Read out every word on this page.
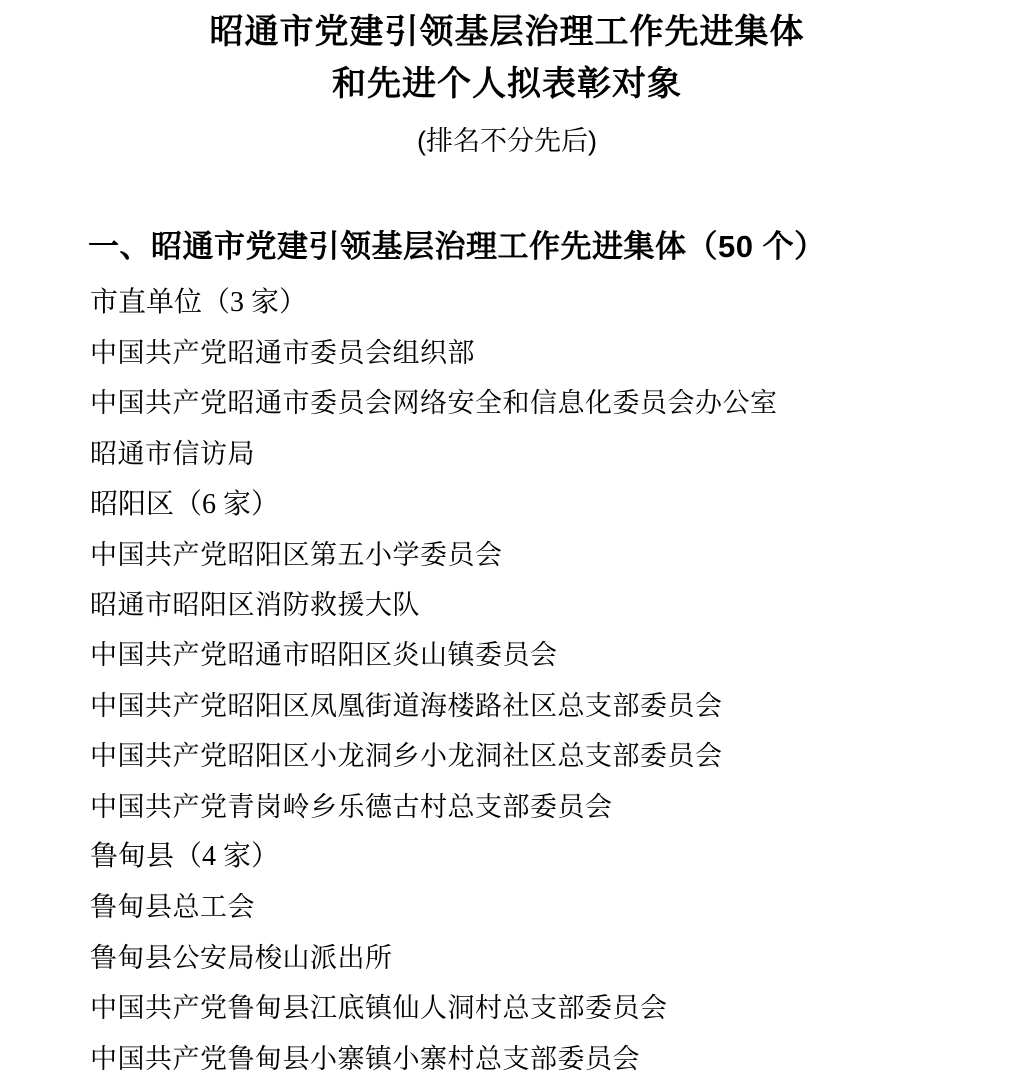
昭通市党建引领基层治理工作先进集体
和先进个人拟表彰对象
(排名不分先后)
一、昭通市党建引领基层治理工作先进集体（50 个）
市直单位（3 家）
中国共产党昭通市委员会组织部
中国共产党昭通市委员会网络安全和信息化委员会办公室
昭通市信访局
昭阳区（6 家）
中国共产党昭阳区第五小学委员会
昭通市昭阳区消防救援大队
中国共产党昭通市昭阳区炎山镇委员会
中国共产党昭阳区凤凰街道海楼路社区总支部委员会
中国共产党昭阳区小龙洞乡小龙洞社区总支部委员会
中国共产党青岗岭乡乐德古村总支部委员会
鲁甸县（4 家）
鲁甸县总工会
鲁甸县公安局梭山派出所
中国共产党鲁甸县江底镇仙人洞村总支部委员会
中国共产党鲁甸县小寨镇小寨村总支部委员会
